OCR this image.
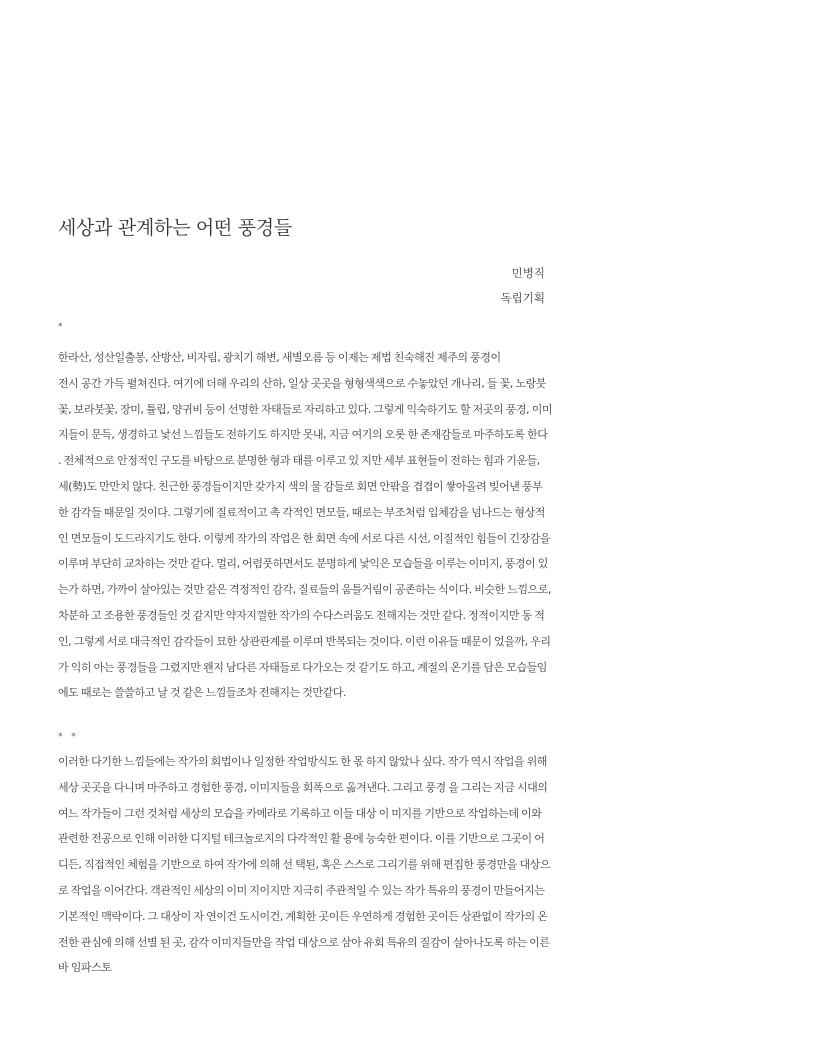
세상과 관계하는 어떤 풍경들
민병직
독립기획
*

한라산, 성산일출봉, 산방산, 비자림, 광치기 해변, 새별오름 등 이제는 제법 친숙해진 제주의 풍경이
전시 공간 가득 펼쳐진다. 여기에 더해 우리의 산하, 일상 곳곳을 형형색색으로 수놓았던 개나리, 들 꽃, 노랑붓
꽃, 보라붓꽃, 장미, 튤립, 양귀비 등이 선명한 자태들로 자리하고 있다. 그렇게 익숙하기도 할 저곳의 풍경, 이미
지들이 문득, 생경하고 낯선 느낌들도 전하기도 하지만 못내, 지금 여기의 오롯 한 존재감들로 마주하도록 한다
. 전체적으로 안정적인 구도를 바탕으로 분명한 형과 태를 이루고 있 지만 세부 표현들이 전하는 힘과 기운들,
세(勢)도 만만치 않다. 친근한 풍경들이지만 갖가지 색의 물 감들로 회면 안팎을 겹겹이 쌓아올려 빚어낸 풍부
한 감각들 때문일 것이다. 그렇기에 질료적이고 촉 각적인 면모들, 때로는 부조처럼 입체감을 넘나드는 형상적
인 면모들이 도드라지기도 한다. 이렇게 작가의 작업은 한 회면 속에 서로 다른 시선, 이질적인 힘들이 긴장감을
이루며 부단히 교차하는 것만 같다. 멀리, 어렴풋하면서도 분명하게 낯익은 모습들을 이루는 이미지, 풍경이 있
는가 하면, 가까이 살아있는 것만 같은 격정적인 감각, 질료들의 움틀거림이 공존하는 식이다. 비슷한 느낌으로,
차분하 고 조용한 풍경들인 것 같지만 약자지껄한 작가의 수다스러움도 전해지는 것만 같다. 정적이지만 동 적
인, 그렇게 서로 대극적인 감각들이 묘한 상관관계를 이루며 반복되는 것이다. 이런 이유들 때문이 었을까, 우리
가 익히 아는 풍경들을 그렸지만 왠지 남다른 자태들로 다가오는 것 같기도 하고, 계절의 온기를 담은 모습들임
에도 때로는 쓸쓸하고 날 것 같은 느낌들조차 전해지는 것만같다.

* *

이러한 다기한 느낌들에는 작가의 회법이나 일정한 작업방식도 한 몫 하지 않았나 싶다. 작가 역시 작업을 위해
세상 곳곳을 다니며 마주하고 경험한 풍경, 이미지들을 회폭으로 옮겨낸다. 그리고 풍경 을 그리는 지금 시대의
여느 작가들이 그런 것처럼 세상의 모습을 카메라로 기록하고 이들 대상 이 미지를 기반으로 작업하는데 이와
관련한 전공으로 인해 이러한 디지털 테크놀로지의 다각적인 활 용에 능숙한 편이다. 이를 기반으로 그곳이 어
디든, 직접적인 체험을 기반으로 하여 작가에 의해 선 택된, 혹은 스스로 그리기를 위해 편집한 풍경만을 대상으
로 작업을 이어간다. 객관적인 세상의 이미 지이지만 지극히 주관적일 수 있는 작가 특유의 풍경이 만들어지는
기본적인 맥락이다. 그 대상이 자 연이건 도시이건, 계획한 곳이든 우연하게 경험한 곳이든 상관없이 작가의 온
전한 관심에 의해 선별 된 곳, 감각 이미지들만을 작업 대상으로 삼아 유회 특유의 질감이 살아나도록 하는 이른
바 임파스토
